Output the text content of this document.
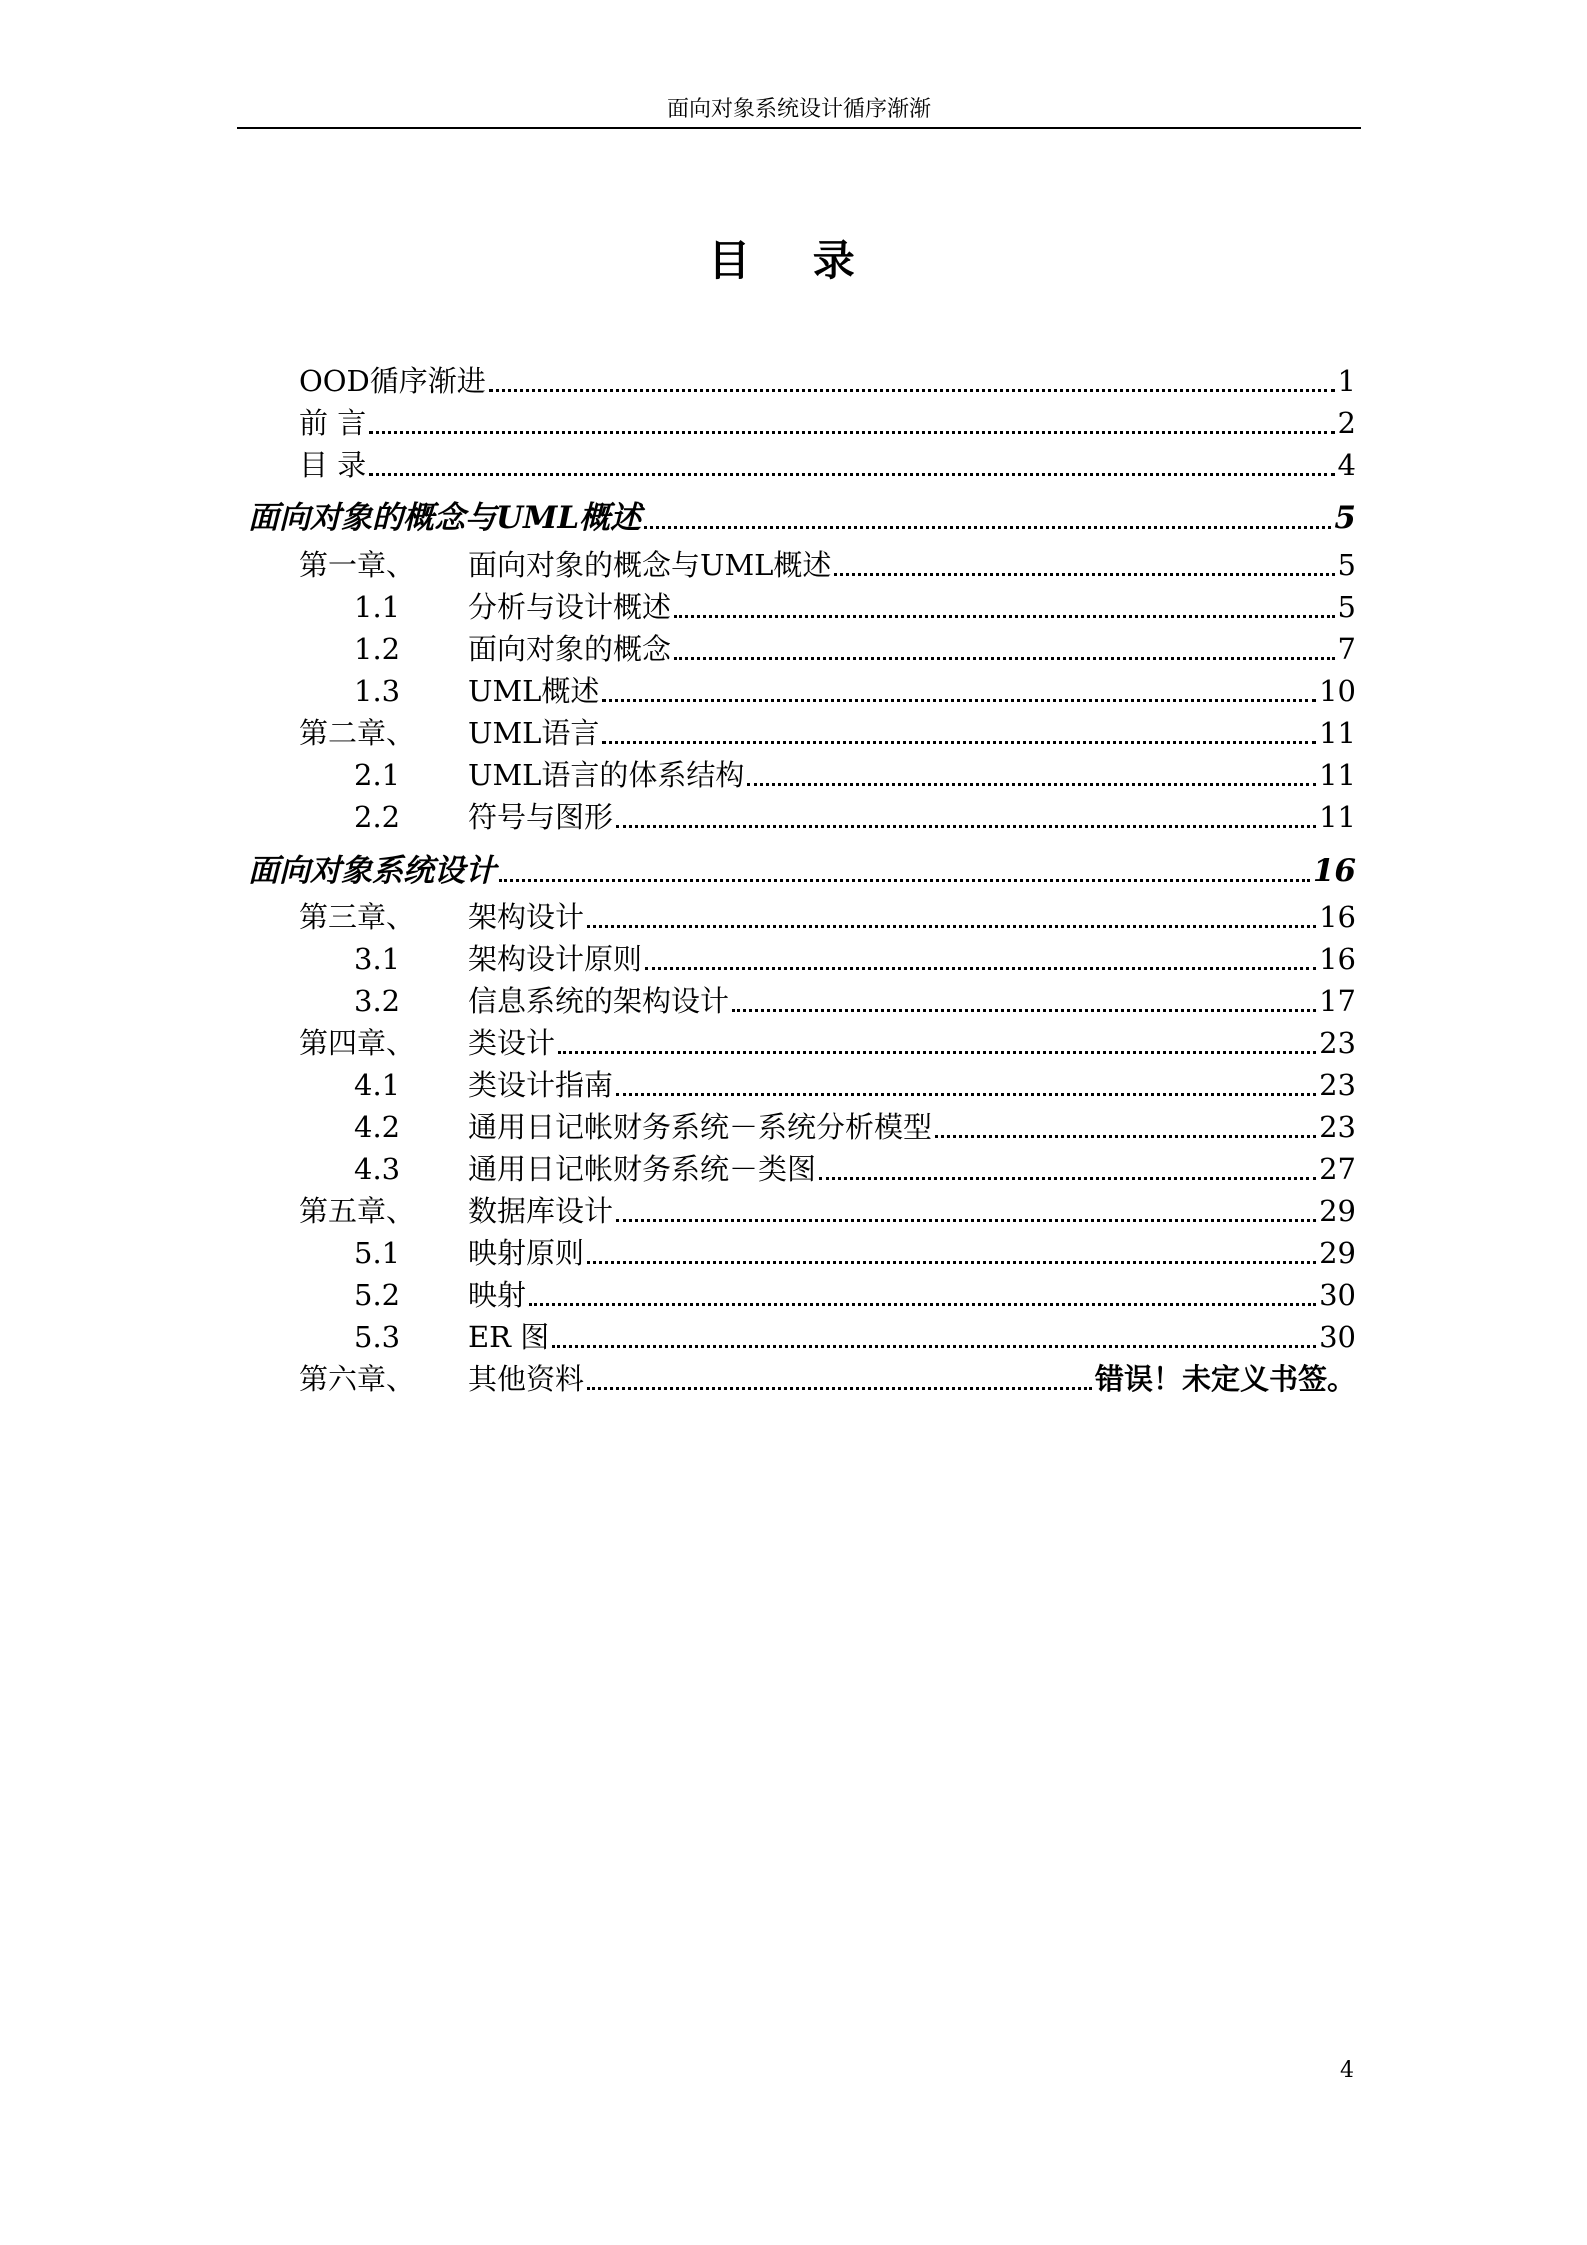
面向对象系统设计循序渐渐
目 录
OOD循序渐进	1
前 言	2
目 录	4
面向对象的概念与UML概述	5
第一章、	面向对象的概念与UML概述	5
1.1	分析与设计概述	5
1.2	面向对象的概念	7
1.3	UML概述	10
第二章、	UML语言	11
2.1	UML语言的体系结构	11
2.2	符号与图形	11
面向对象系统设计	16
第三章、	架构设计	16
3.1	架构设计原则	16
3.2	信息系统的架构设计	17
第四章、	类设计	23
4.1	类设计指南	23
4.2	通用日记帐财务系统－系统分析模型	23
4.3	通用日记帐财务系统－类图	27
第五章、	数据库设计	29
5.1	映射原则	29
5.2	映射	30
5.3	ER 图	30
第六章、	其他资料	错误！未定义书签。
4
